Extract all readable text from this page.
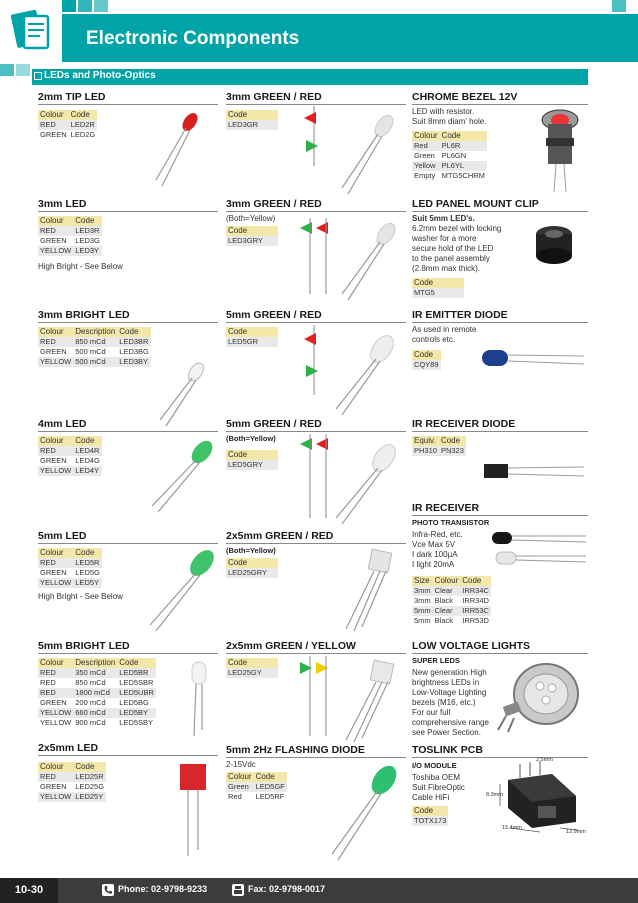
Electronic Components
LEDs and Photo-Optics
2mm TIP LED
Colour	Code
RED	LED2R
GREEN	LED2G
3mm LED
Colour	Code
RED	LED3R
GREEN	LED3G
YELLOW	LED3Y
High Bright - See Below
3mm BRIGHT LED
Colour	Description	Code
RED	850 mCd	LED3BR
GREEN	500 mCd	LED3BG
YELLOW	500 mCd	LED3BY
4mm LED
Colour	Code
RED	LED4R
GREEN	LED4G
YELLOW	LED4Y
5mm LED
Colour	Code
RED	LED5R
GREEN	LED5G
YELLOW	LED5Y
High Bright - See Below
5mm BRIGHT LED
Colour	Description	Code
RED	350 mCd	LED5BR
RED	850 mCd	LED5SBR
RED	1800 mCd	LED5UBR
GREEN	200 mCd	LED5BG
YELLOW	660 mCd	LED5BY
YELLOW	900 mCd	LED5SBY
2x5mm LED
Colour	Code
RED	LED25R
GREEN	LED25G
YELLOW	LED25Y
3mm GREEN / RED
Code
LED3GR
3mm GREEN / RED
(Both=Yellow)
Code
LED3GRY
5mm GREEN / RED
Code
LED5GR
5mm GREEN / RED
(Both=Yellow)
Code
LED5GRY
2x5mm GREEN / RED
(Both=Yellow)
Code
LED25GRY
2x5mm GREEN / YELLOW
Code
LED25GY
5mm 2Hz FLASHING DIODE
2-15Vdc
Colour	Code
Green	LED5GF
Red	LED5RF
CHROME BEZEL 12V
LED with resistor.
Suit 8mm diam' hole.
Colour	Code
Red	PL6R
Green	PL6GN
Yellow	PL6YL
Empty	MTG5CHRM
LED PANEL MOUNT CLIP
Suit 5mm LED's.
6.2mm bezel with locking
washer for a more
secure hold of the LED
to the panel assembly
(2.8mm max thick).
Code
MTG5
IR EMITTER DIODE
As used in remote
controls etc.
Code
CQY89
IR RECEIVER DIODE
Equiv.	Code
PH310	PN323
IR RECEIVER
PHOTO TRANSISTOR
Infra-Red, etc.
Vce Max 5V
I dark 100µA
I light 20mA
Size	Colour	Code
3mm	Clear	IRR34C
3mm	Black	IRR34D
5mm	Clear	IRR53C
5mm	Black	IRR53D
LOW VOLTAGE LIGHTS
SUPER LEDS
New generation High
brightness LEDs in
Low-Voltage Lighting
bezels (M16, etc.)
For our full
comprehensive range
see Power Section.
TOSLINK PCB
I/O MODULE
Toshiba OEM
Suit FibreOptic
Cable HiFi
Code
TOTX173
2.5mm
8.3mm
15.4mm
12.9mm
10-30	Phone: 02-9798-9233	Fax: 02-9798-0017
